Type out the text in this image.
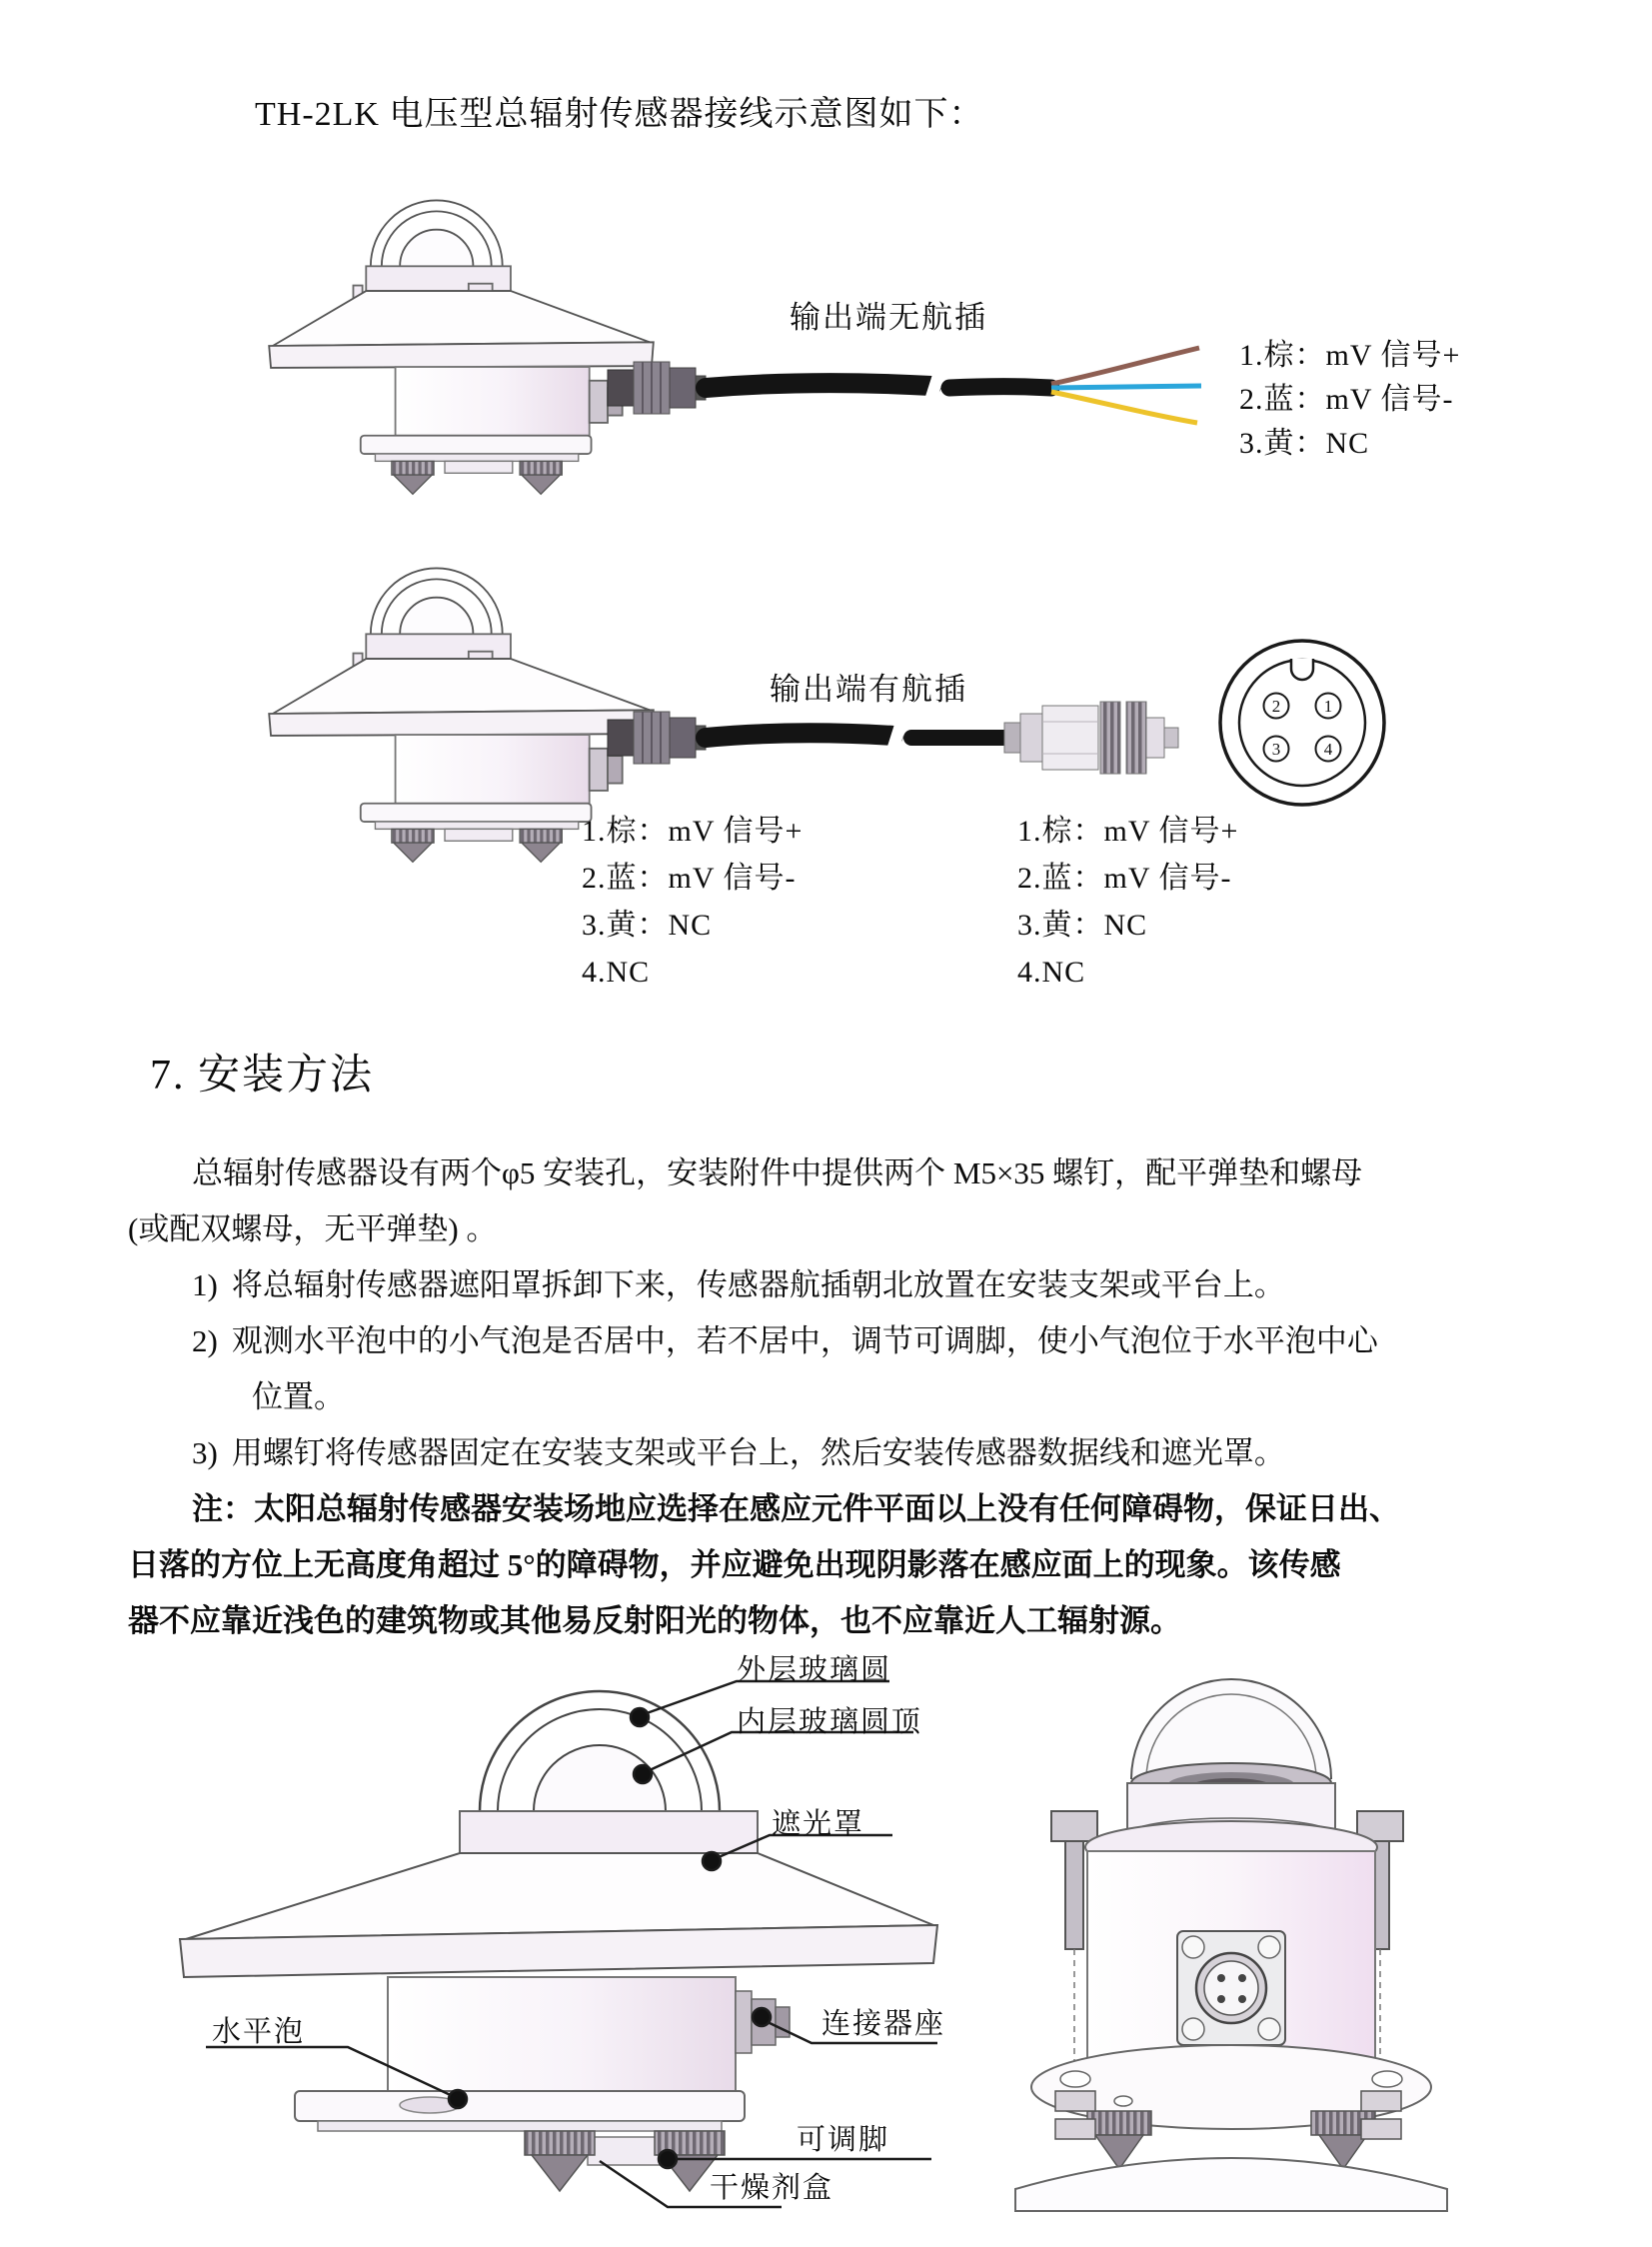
TH-2LK 电压型总辐射传感器接线示意图如下：
输出端无航插
1.棕：mV 信号+
2.蓝：mV 信号-
3.黄：NC
2	1
3	4
输出端有航插
1.棕：mV 信号+
2.蓝：mV 信号-
3.黄：NC
4.NC
1.棕：mV 信号+
2.蓝：mV 信号-
3.黄：NC
4.NC
7. 安装方法
总辐射传感器设有两个φ5 安装孔，安装附件中提供两个 M5×35 螺钉，配平弹垫和螺母
(或配双螺母，无平弹垫) 。
1) 将总辐射传感器遮阳罩拆卸下来，传感器航插朝北放置在安装支架或平台上。
2) 观测水平泡中的小气泡是否居中，若不居中，调节可调脚，使小气泡位于水平泡中心
位置。
3) 用螺钉将传感器固定在安装支架或平台上，然后安装传感器数据线和遮光罩。
注：太阳总辐射传感器安装场地应选择在感应元件平面以上没有任何障碍物，保证日出、
日落的方位上无高度角超过 5°的障碍物，并应避免出现阴影落在感应面上的现象。该传感
器不应靠近浅色的建筑物或其他易反射阳光的物体，也不应靠近人工辐射源。
外层玻璃圆
内层玻璃圆顶
遮光罩
水平泡	连接器座
可调脚
干燥剂盒
